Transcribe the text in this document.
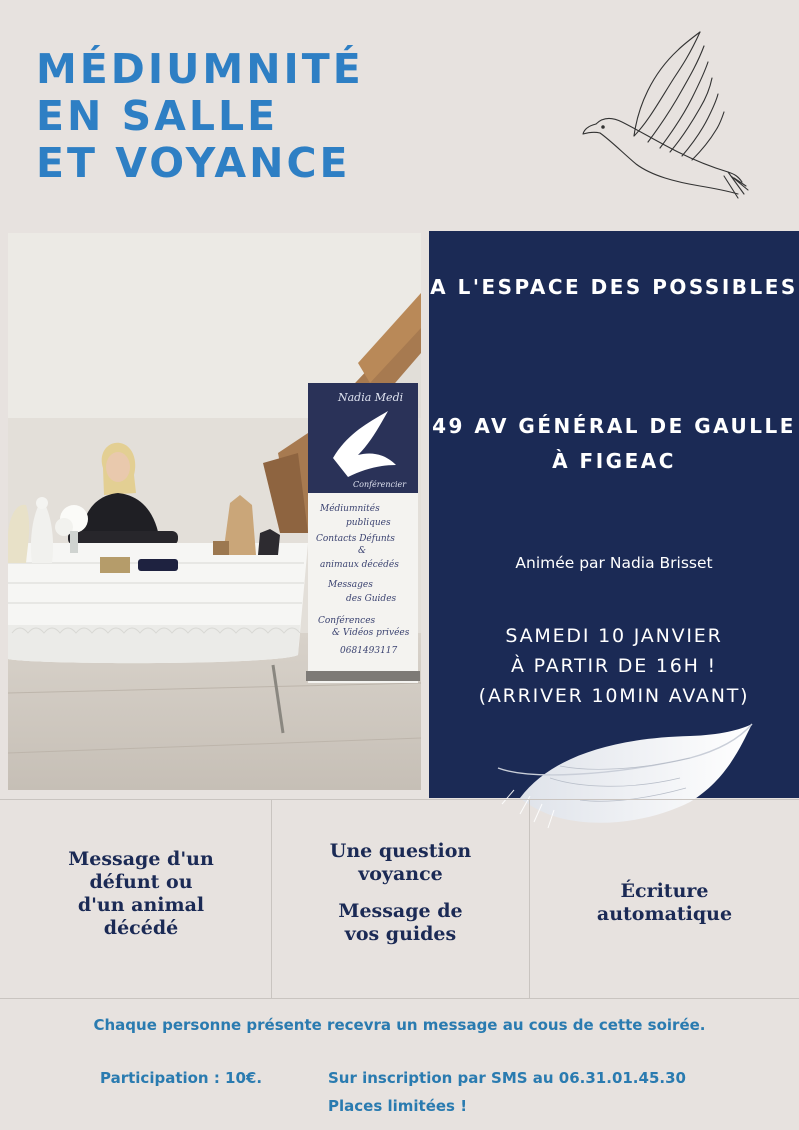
MÉDIUMNITÉ
EN SALLE
ET VOYANCE
Nadia Medi
Conférencier
Médiumnités
publiques
Contacts Défunts
&
animaux décédés
Messages
des Guides
Conférences
& Vidéos privées
0681493117
A L'ESPACE DES POSSIBLES
49 AV GÉNÉRAL DE GAULLE À FIGEAC
Animée par Nadia Brisset
SAMEDI 10 JANVIER
À PARTIR DE 16H !
(ARRIVER 10MIN AVANT)
Message d'un
défunt ou
d'un animal
décédé
Une question
voyance
Message de
vos guides
Écriture
automatique
Chaque personne présente recevra un message au cous de cette soirée.
Participation : 10€.	Sur inscription par SMS au 06.31.01.45.30
Places limitées !
